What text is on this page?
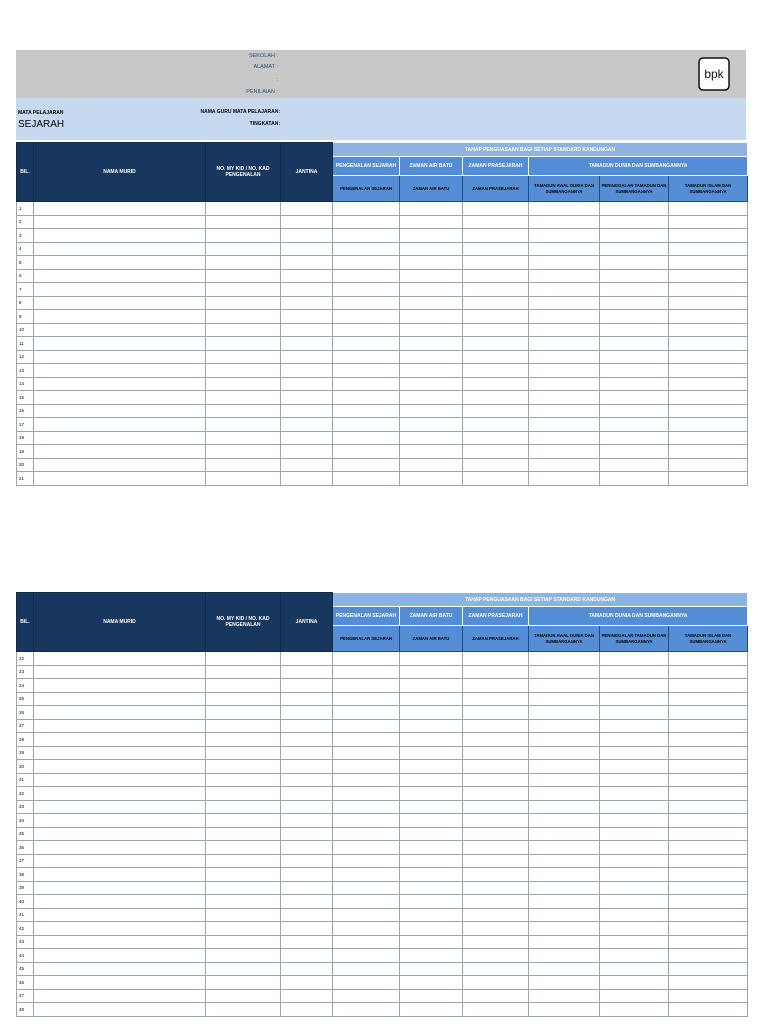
SEKOLAH :
ALAMAT :
:
PENILAIAN :
bpk
MATA PELAJARAN
SEJARAH
NAMA GURU MATA PELAJARAN:
TINGKATAN:
BIL.	NAMA MURID	NO. MY KID / NO. KAD PENGENALAN	JANTINA	TAHAP PENGUASAAN BAGI SETIAP STANDARD KANDUNGAN					
				PENGENALAN SEJARAH	ZAMAN AIR BATU	ZAMAN PRASEJARAH	TAMADUN DUNIA DAN SUMBANGANNYA		
				PENGENALAN SEJARAH	ZAMAN AIR BATU	ZAMAN PRASEJARAH	TAMADUN AWAL DUNIA DAN SUMBANGANNYA	PENINGGALAN TAMADUN DAN SUMBANGANNYA	TAMADUN ISLAM DAN SUMBANGANNYA
1									
2									
3									
4									
5									
6									
7									
8									
9									
10									
11									
12									
13									
14									
15									
16									
17									
18									
19									
20									
21									
BIL.	NAMA MURID	NO. MY KID / NO. KAD PENGENALAN	JANTINA	TAHAP PENGUASAAN BAGI SETIAP STANDARD KANDUNGAN					
				PENGENALAN SEJARAH	ZAMAN AIR BATU	ZAMAN PRASEJARAH	TAMADUN DUNIA DAN SUMBANGANNYA		
				PENGENALAN SEJARAH	ZAMAN AIR BATU	ZAMAN PRASEJARAH	TAMADUN AWAL DUNIA DAN SUMBANGANNYA	PENINGGALAN TAMADUN DAN SUMBANGANNYA	TAMADUN ISLAM DAN SUMBANGANNYA
22									
23									
24									
25									
26									
27									
28									
29									
30									
31									
32									
33									
34									
35									
36									
37									
38									
39									
40									
41									
42									
43									
44									
45									
46									
47									
48									
